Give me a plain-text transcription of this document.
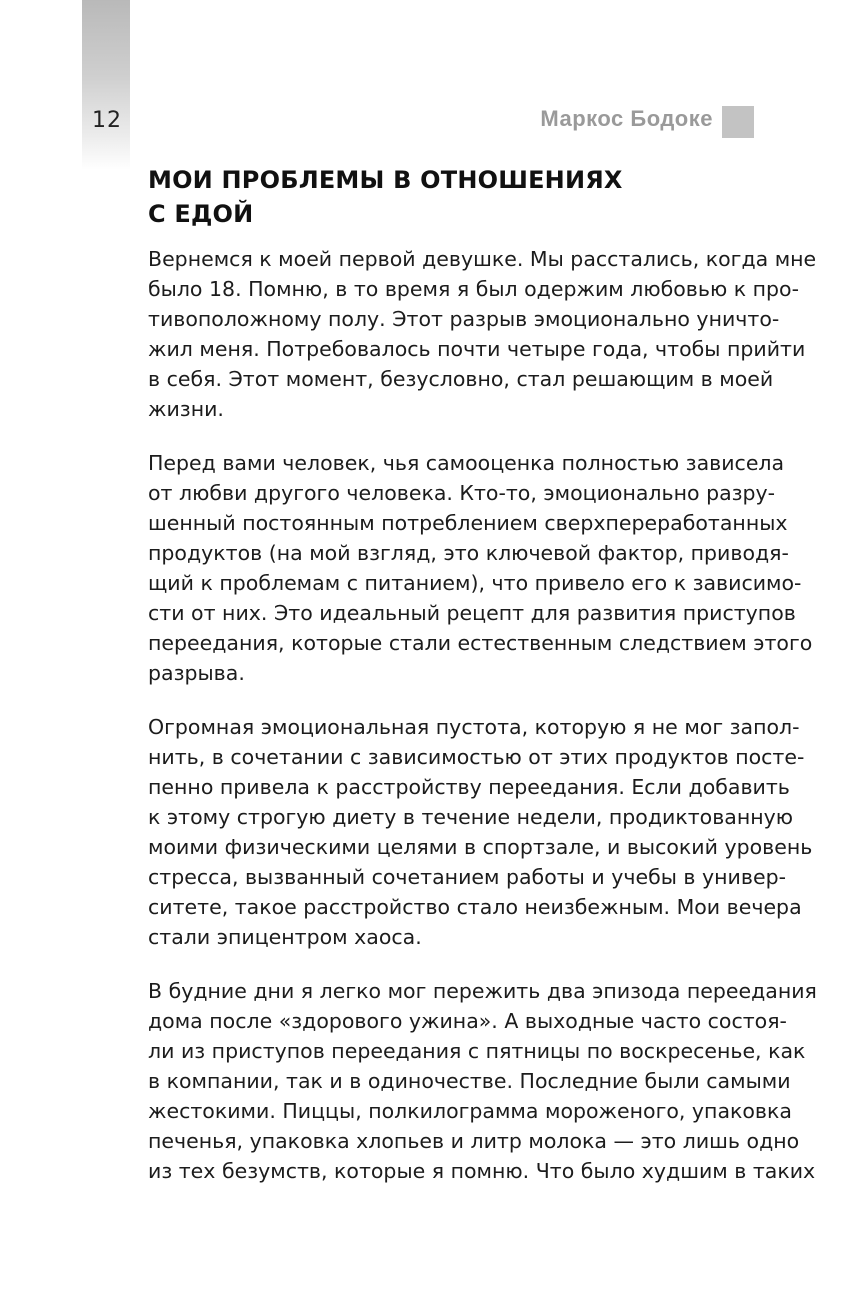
12	Маркос Бодоке
МОИ ПРОБЛЕМЫ В ОТНОШЕНИЯХ
С ЕДОЙ

Вернемся к моей первой девушке. Мы расстались, когда мне
было 18. Помню, в то время я был одержим любовью к про-
тивоположному полу. Этот разрыв эмоционально уничто-
жил меня. Потребовалось почти четыре года, чтобы прийти
в себя. Этот момент, безусловно, стал решающим в моей
жизни.

Перед вами человек, чья самооценка полностью зависела
от любви другого человека. Кто-то, эмоционально разру-
шенный постоянным потреблением сверхпереработанных
продуктов (на мой взгляд, это ключевой фактор, приводя-
щий к проблемам с питанием), что привело его к зависимо-
сти от них. Это идеальный рецепт для развития приступов
переедания, которые стали естественным следствием этого
разрыва.

Огромная эмоциональная пустота, которую я не мог запол-
нить, в сочетании с зависимостью от этих продуктов посте-
пенно привела к расстройству переедания. Если добавить
к этому строгую диету в течение недели, продиктованную
моими физическими целями в спортзале, и высокий уровень
стресса, вызванный сочетанием работы и учебы в универ-
ситете, такое расстройство стало неизбежным. Мои вечера
стали эпицентром хаоса.

В будние дни я легко мог пережить два эпизода переедания
дома после «здорового ужина». А выходные часто состоя-
ли из приступов переедания с пятницы по воскресенье, как
в компании, так и в одиночестве. Последние были самыми
жестокими. Пиццы, полкилограмма мороженого, упаковка
печенья, упаковка хлопьев и литр молока — это лишь одно
из тех безумств, которые я помню. Что было худшим в таких
